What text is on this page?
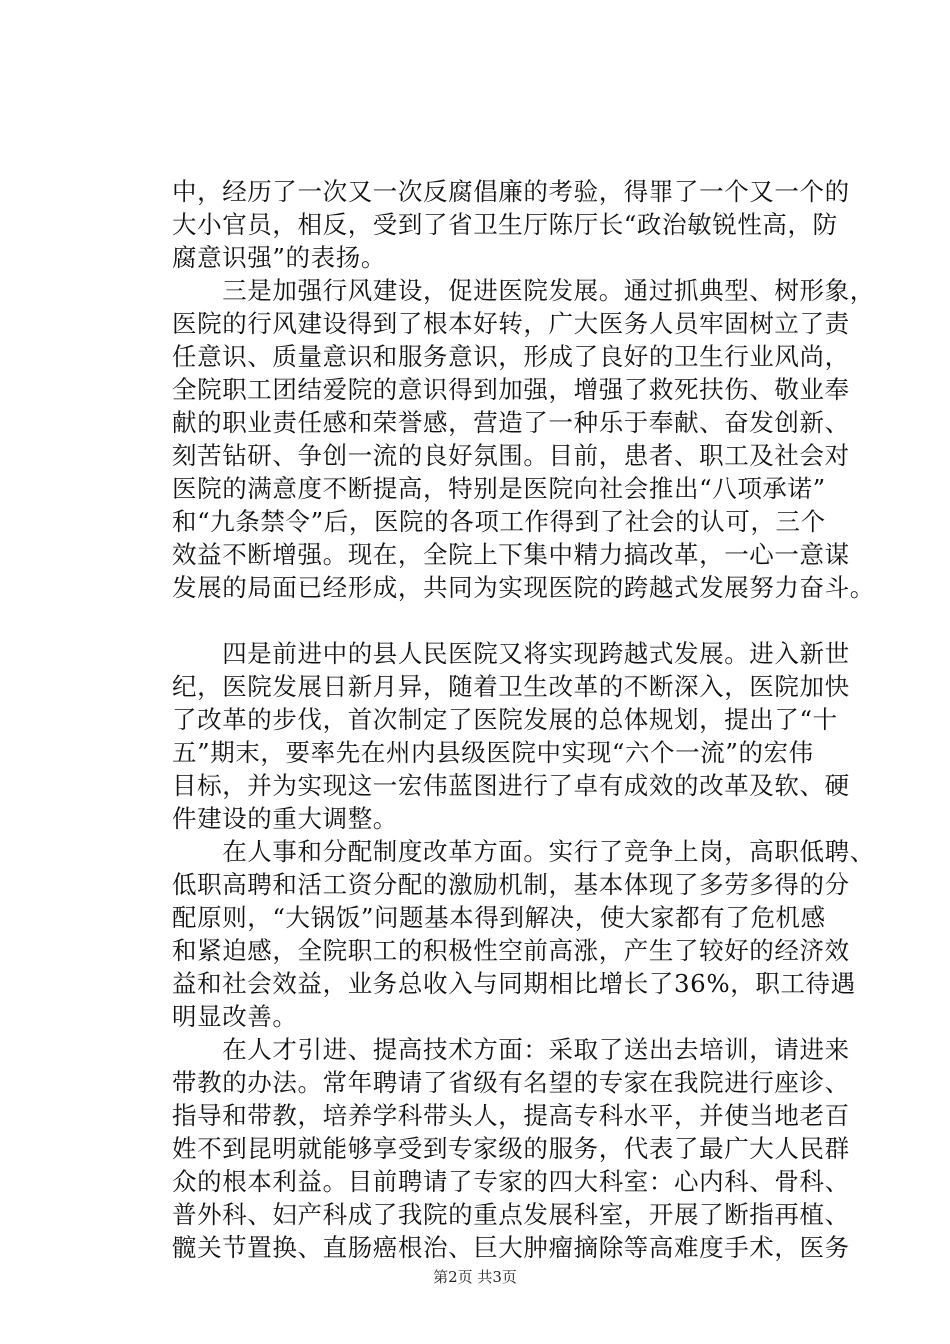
中，经历了一次又一次反腐倡廉的考验，得罪了一个又一个的
大小官员，相反，受到了省卫生厅陈厅长“政治敏锐性高，防
腐意识强”的表扬。
　　三是加强行风建设，促进医院发展。通过抓典型、树形象，
医院的行风建设得到了根本好转，广大医务人员牢固树立了责
任意识、质量意识和服务意识，形成了良好的卫生行业风尚，
全院职工团结爱院的意识得到加强，增强了救死扶伤、敬业奉
献的职业责任感和荣誉感，营造了一种乐于奉献、奋发创新、
刻苦钻研、争创一流的良好氛围。目前，患者、职工及社会对
医院的满意度不断提高，特别是医院向社会推出“八项承诺”
和“九条禁令”后，医院的各项工作得到了社会的认可，三个
效益不断增强。现在，全院上下集中精力搞改革，一心一意谋
发展的局面已经形成，共同为实现医院的跨越式发展努力奋斗。
　　四是前进中的县人民医院又将实现跨越式发展。进入新世
纪，医院发展日新月异，随着卫生改革的不断深入，医院加快
了改革的步伐，首次制定了医院发展的总体规划，提出了“十
五”期末，要率先在州内县级医院中实现“六个一流”的宏伟
目标，并为实现这一宏伟蓝图进行了卓有成效的改革及软、硬
件建设的重大调整。
　　在人事和分配制度改革方面。实行了竞争上岗，高职低聘、
低职高聘和活工资分配的激励机制，基本体现了多劳多得的分
配原则，“大锅饭”问题基本得到解决，使大家都有了危机感
和紧迫感，全院职工的积极性空前高涨，产生了较好的经济效
益和社会效益，业务总收入与同期相比增长了36%，职工待遇
明显改善。
　　在人才引进、提高技术方面：采取了送出去培训，请进来
带教的办法。常年聘请了省级有名望的专家在我院进行座诊、
指导和带教，培养学科带头人，提高专科水平，并使当地老百
姓不到昆明就能够享受到专家级的服务，代表了最广大人民群
众的根本利益。目前聘请了专家的四大科室：心内科、骨科、
普外科、妇产科成了我院的重点发展科室，开展了断指再植、
髋关节置换、直肠癌根治、巨大肿瘤摘除等高难度手术，医务
第2页 共3页
